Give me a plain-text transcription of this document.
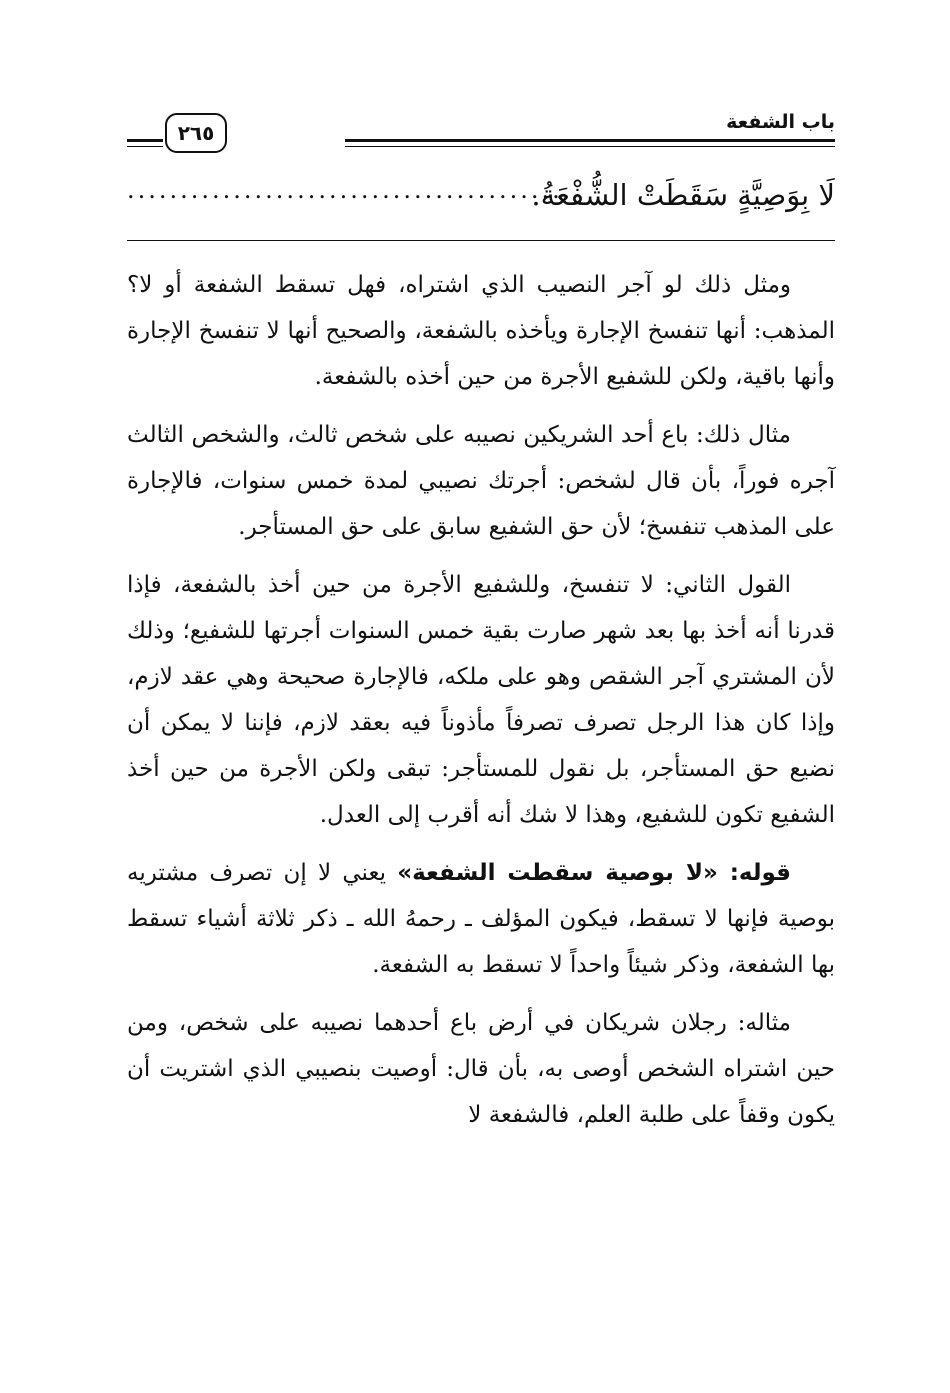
باب الشفعة
٢٦٥
لَا بِوَصِيَّةٍ سَقَطَتْ الشُّفْعَةُ.
.........................................

ومثل ذلك لو آجر النصيب الذي اشتراه، فهل تسقط الشفعة أو لا؟ المذهب: أنها تنفسخ الإجارة ويأخذه بالشفعة، والصحيح أنها لا تنفسخ الإجارة وأنها باقية، ولكن للشفيع الأجرة من حين أخذه بالشفعة.

مثال ذلك: باع أحد الشريكين نصيبه على شخص ثالث، والشخص الثالث آجره فوراً، بأن قال لشخص: أجرتك نصيبي لمدة خمس سنوات، فالإجارة على المذهب تنفسخ؛ لأن حق الشفيع سابق على حق المستأجر.

القول الثاني: لا تنفسخ، وللشفيع الأجرة من حين أخذ بالشفعة، فإذا قدرنا أنه أخذ بها بعد شهر صارت بقية خمس السنوات أجرتها للشفيع؛ وذلك لأن المشتري آجر الشقص وهو على ملكه، فالإجارة صحيحة وهي عقد لازم، وإذا كان هذا الرجل تصرف تصرفاً مأذوناً فيه بعقد لازم، فإننا لا يمكن أن نضيع حق المستأجر، بل نقول للمستأجر: تبقى ولكن الأجرة من حين أخذ الشفيع تكون للشفيع، وهذا لا شك أنه أقرب إلى العدل.

قوله: «لا بوصية سقطت الشفعة» يعني لا إن تصرف مشتريه بوصية فإنها لا تسقط، فيكون المؤلف ـ رحمهُ الله ـ ذكر ثلاثة أشياء تسقط بها الشفعة، وذكر شيئاً واحداً لا تسقط به الشفعة.

مثاله: رجلان شريكان في أرض باع أحدهما نصيبه على شخص، ومن حين اشتراه الشخص أوصى به، بأن قال: أوصيت بنصيبي الذي اشتريت أن يكون وقفاً على طلبة العلم، فالشفعة لا
